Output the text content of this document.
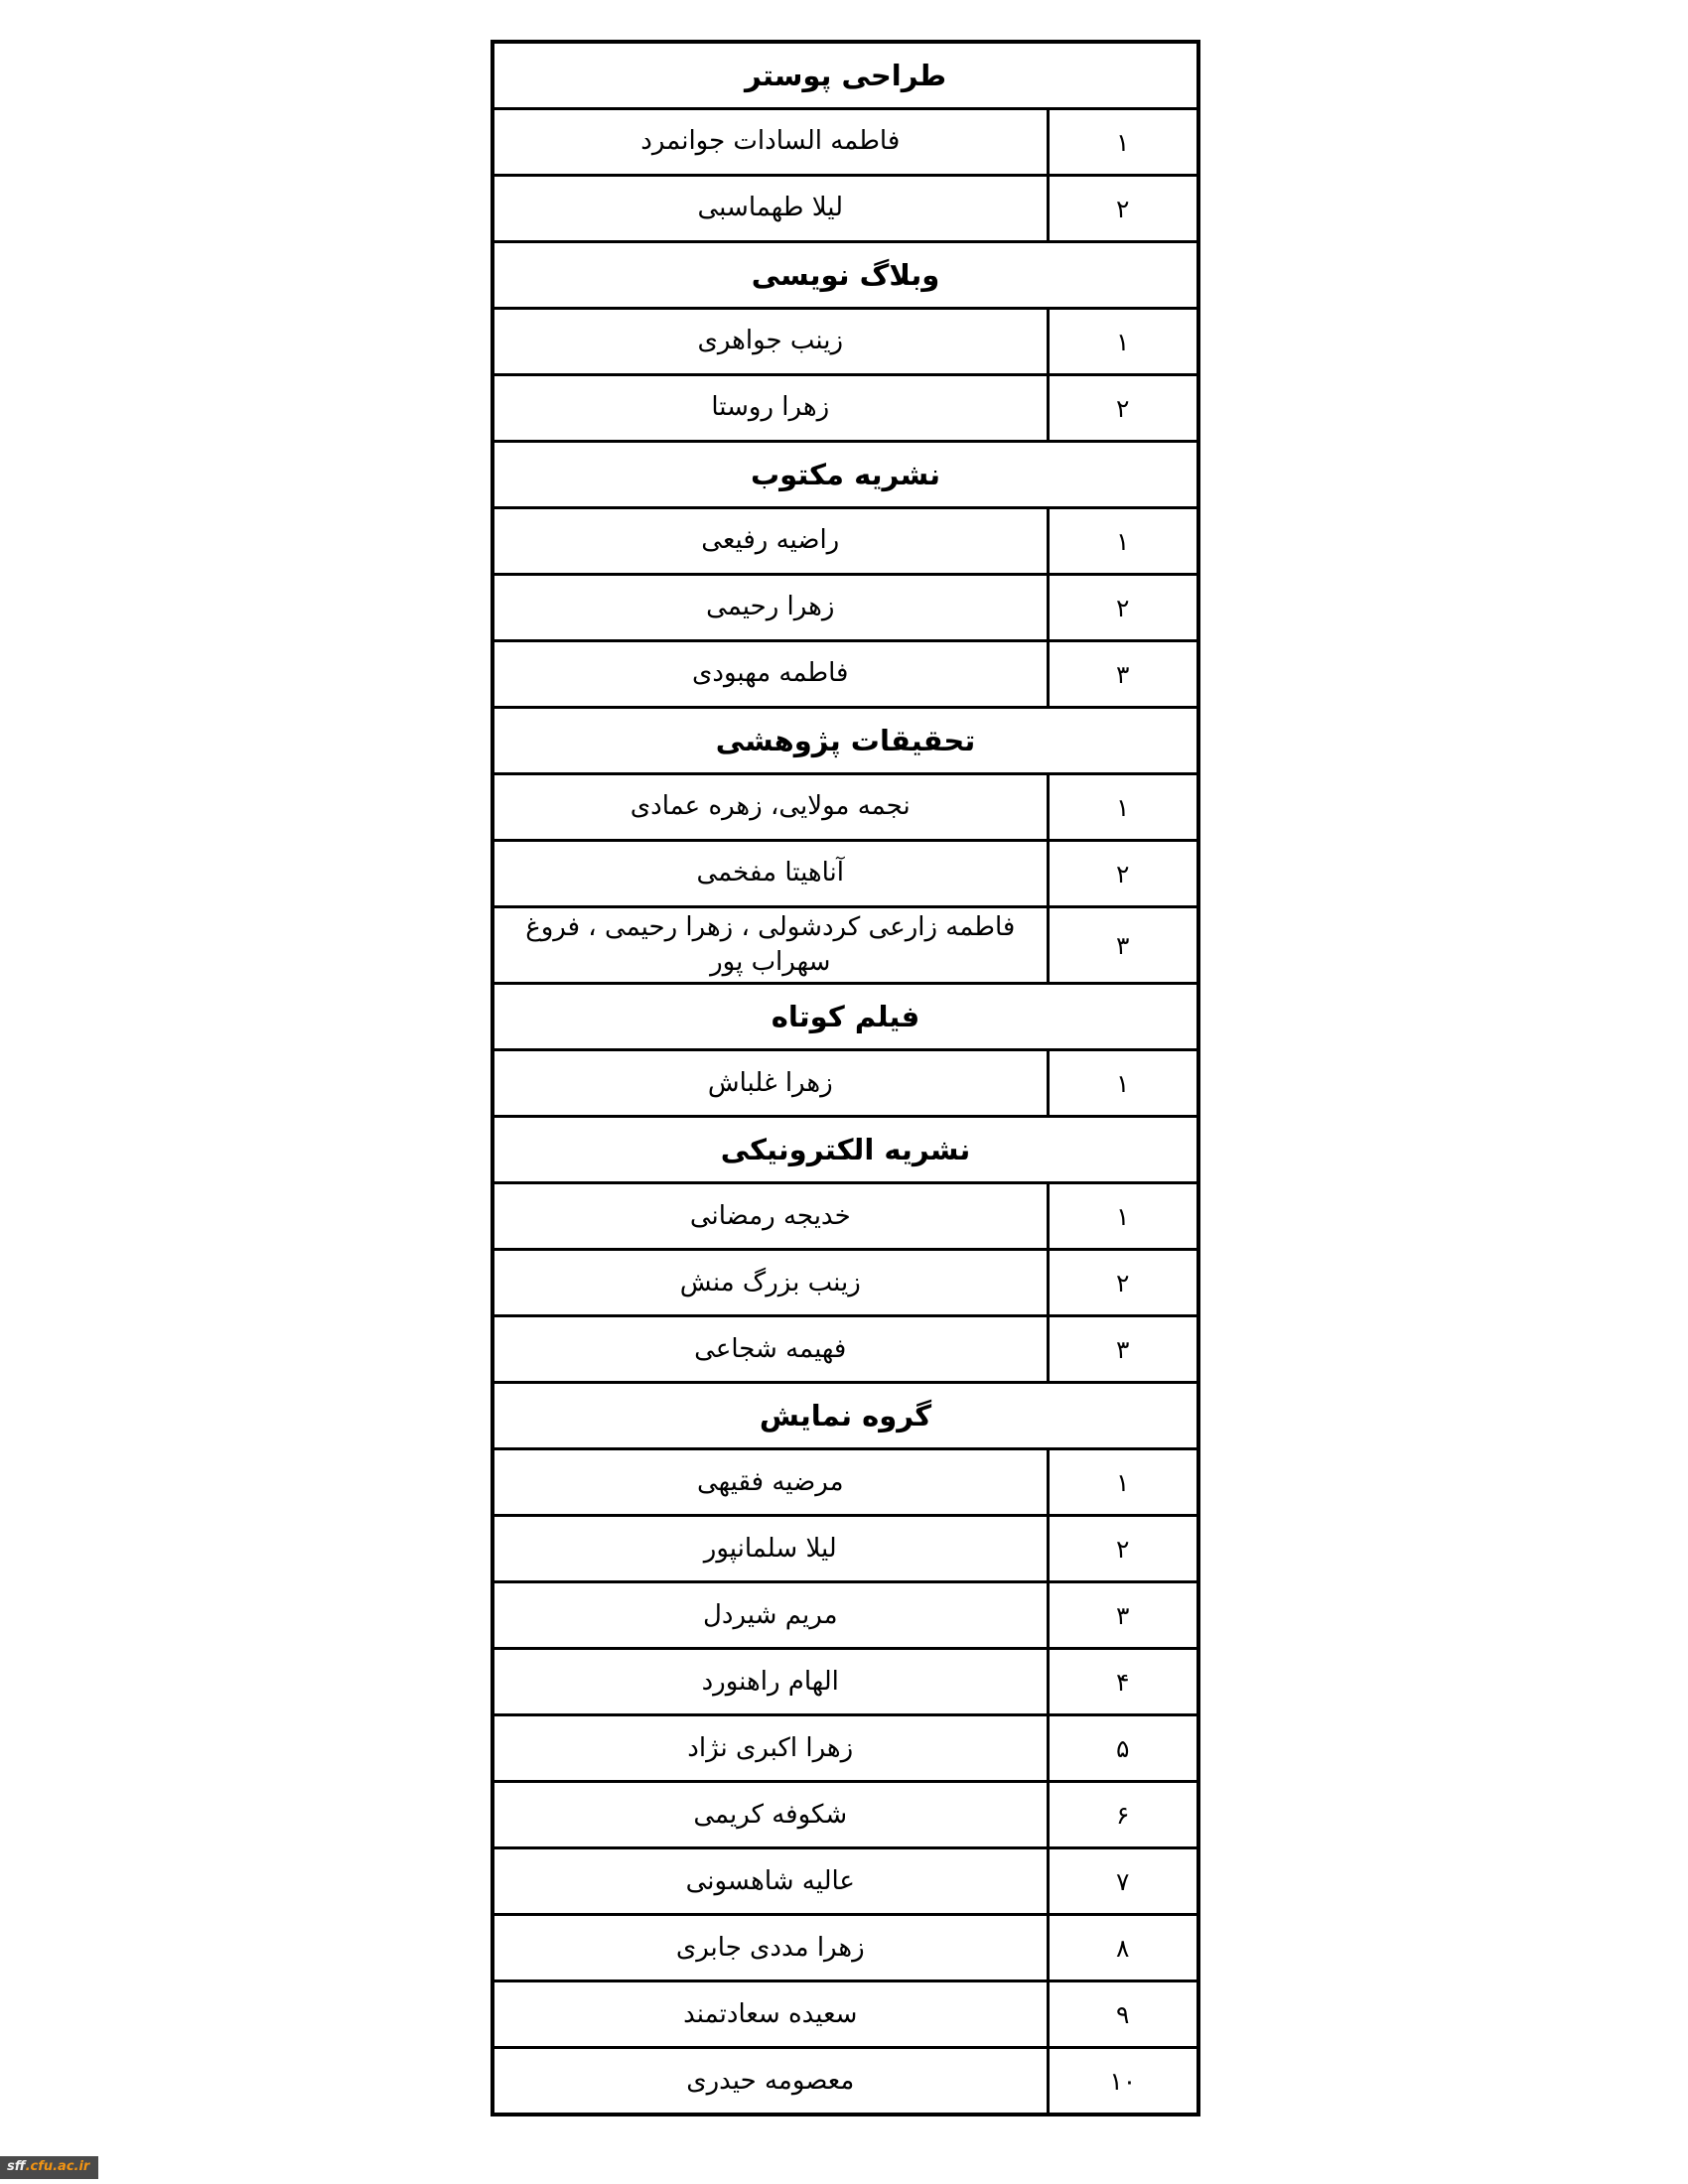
طراحی پوستر	
۱	فاطمه السادات جوانمرد
۲	لیلا طهماسبی
وبلاگ نویسی	
۱	زینب جواهری
۲	زهرا روستا
نشریه مکتوب	
۱	راضیه رفیعی
۲	زهرا رحیمی
۳	فاطمه مهبودی
تحقیقات پژوهشی	
۱	نجمه مولایی، زهره عمادی
۲	آناهیتا مفخمی
۳	فاطمه زارعی کردشولی ، زهرا رحیمی ، فروغ سهراب پور
فیلم کوتاه	
۱	زهرا غلباش
نشریه الکترونیکی	
۱	خدیجه رمضانی
۲	زینب بزرگ منش
۳	فهیمه شجاعی
گروه نمایش	
۱	مرضیه فقیهی
۲	لیلا سلمانپور
۳	مریم شیردل
۴	الهام راهنورد
۵	زهرا اکبری نژاد
۶	شکوفه کریمی
۷	عالیه شاهسونی
۸	زهرا مددی جابری
۹	سعیده سعادتمند
۱۰	معصومه حیدری
sff.cfu.ac.ir
